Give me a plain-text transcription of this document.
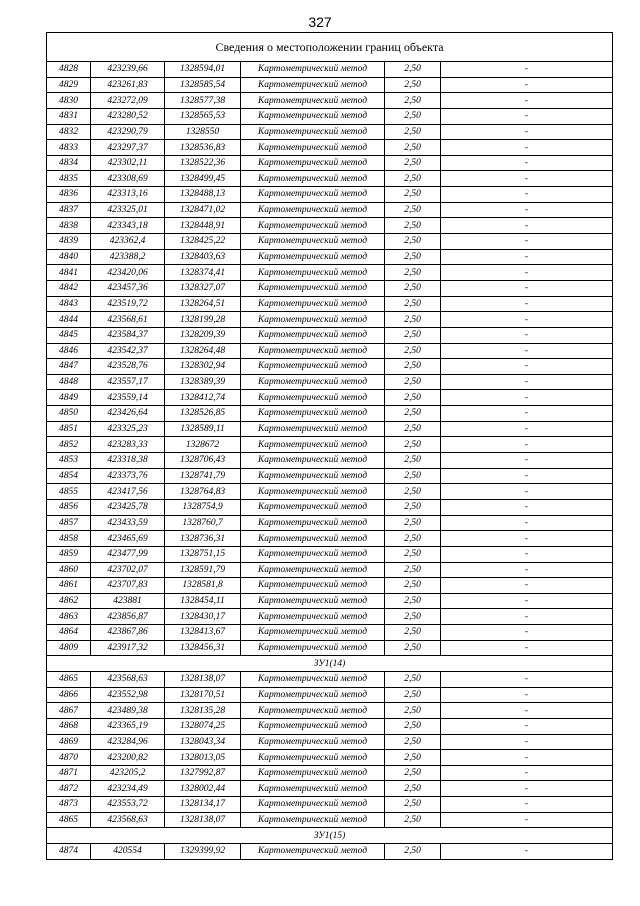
327
Сведения о местоположении границ объекта					
4828	423239,66	1328594,01	Картометрический метод	2,50	-
4829	423261,83	1328585,54	Картометрический метод	2,50	-
4830	423272,09	1328577,38	Картометрический метод	2,50	-
4831	423280,52	1328565,53	Картометрический метод	2,50	-
4832	423290,79	1328550	Картометрический метод	2,50	-
4833	423297,37	1328536,83	Картометрический метод	2,50	-
4834	423302,11	1328522,36	Картометрический метод	2,50	-
4835	423308,69	1328499,45	Картометрический метод	2,50	-
4836	423313,16	1328488,13	Картометрический метод	2,50	-
4837	423325,01	1328471,02	Картометрический метод	2,50	-
4838	423343,18	1328448,91	Картометрический метод	2,50	-
4839	423362,4	1328425,22	Картометрический метод	2,50	-
4840	423388,2	1328403,63	Картометрический метод	2,50	-
4841	423420,06	1328374,41	Картометрический метод	2,50	-
4842	423457,36	1328327,07	Картометрический метод	2,50	-
4843	423519,72	1328264,51	Картометрический метод	2,50	-
4844	423568,61	1328199,28	Картометрический метод	2,50	-
4845	423584,37	1328209,39	Картометрический метод	2,50	-
4846	423542,37	1328264,48	Картометрический метод	2,50	-
4847	423528,76	1328302,94	Картометрический метод	2,50	-
4848	423557,17	1328389,39	Картометрический метод	2,50	-
4849	423559,14	1328412,74	Картометрический метод	2,50	-
4850	423426,64	1328526,85	Картометрический метод	2,50	-
4851	423325,23	1328589,11	Картометрический метод	2,50	-
4852	423283,33	1328672	Картометрический метод	2,50	-
4853	423318,38	1328706,43	Картометрический метод	2,50	-
4854	423373,76	1328741,79	Картометрический метод	2,50	-
4855	423417,56	1328764,83	Картометрический метод	2,50	-
4856	423425,78	1328754,9	Картометрический метод	2,50	-
4857	423433,59	1328760,7	Картометрический метод	2,50	-
4858	423465,69	1328736,31	Картометрический метод	2,50	-
4859	423477,99	1328751,15	Картометрический метод	2,50	-
4860	423702,07	1328591,79	Картометрический метод	2,50	-
4861	423707,83	1328581,8	Картометрический метод	2,50	-
4862	423881	1328454,11	Картометрический метод	2,50	-
4863	423856,87	1328430,17	Картометрический метод	2,50	-
4864	423867,86	1328413,67	Картометрический метод	2,50	-
4809	423917,32	1328456,31	Картометрический метод	2,50	-
ЗУ1(14)					
4865	423568,63	1328138,07	Картометрический метод	2,50	-
4866	423552,98	1328170,51	Картометрический метод	2,50	-
4867	423489,38	1328135,28	Картометрический метод	2,50	-
4868	423365,19	1328074,25	Картометрический метод	2,50	-
4869	423284,96	1328043,34	Картометрический метод	2,50	-
4870	423200,82	1328013,05	Картометрический метод	2,50	-
4871	423205,2	1327992,87	Картометрический метод	2,50	-
4872	423234,49	1328002,44	Картометрический метод	2,50	-
4873	423553,72	1328134,17	Картометрический метод	2,50	-
4865	423568,63	1328138,07	Картометрический метод	2,50	-
ЗУ1(15)					
4874	420554	1329399,92	Картометрический метод	2,50	-
